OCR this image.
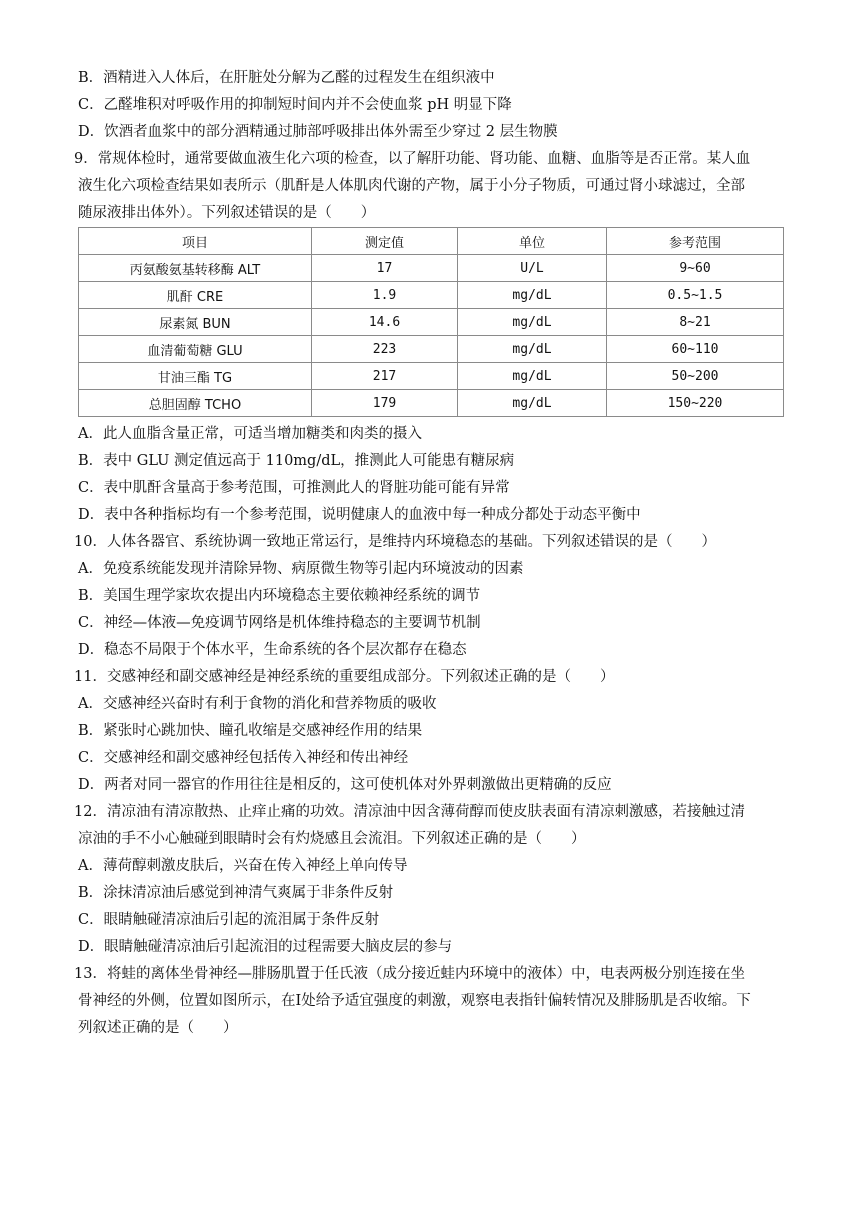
B．酒精进入人体后，在肝脏处分解为乙醛的过程发生在组织液中
C．乙醛堆积对呼吸作用的抑制短时间内并不会使血浆 pH 明显下降
D．饮酒者血浆中的部分酒精通过肺部呼吸排出体外需至少穿过 2 层生物膜
9．常规体检时，通常要做血液生化六项的检查，以了解肝功能、肾功能、血糖、血脂等是否正常。某人血
液生化六项检查结果如表所示（肌酐是人体肌肉代谢的产物，属于小分子物质，可通过肾小球滤过，全部
随尿液排出体外）。下列叙述错误的是（　　）
项目	测定值	单位	参考范围
丙氨酸氨基转移酶 ALT	17	U/L	9~60
肌酐 CRE	1.9	mg/dL	0.5~1.5
尿素氮 BUN	14.6	mg/dL	8~21
血清葡萄糖 GLU	223	mg/dL	60~110
甘油三酯 TG	217	mg/dL	50~200
总胆固醇 TCHO	179	mg/dL	150~220
A．此人血脂含量正常，可适当增加糖类和肉类的摄入
B．表中 GLU 测定值远高于 110mg/dL，推测此人可能患有糖尿病
C．表中肌酐含量高于参考范围，可推测此人的肾脏功能可能有异常
D．表中各种指标均有一个参考范围，说明健康人的血液中每一种成分都处于动态平衡中
10．人体各器官、系统协调一致地正常运行，是维持内环境稳态的基础。下列叙述错误的是（　　）
A．免疫系统能发现并清除异物、病原微生物等引起内环境波动的因素
B．美国生理学家坎农提出内环境稳态主要依赖神经系统的调节
C．神经—体液—免疫调节网络是机体维持稳态的主要调节机制
D．稳态不局限于个体水平，生命系统的各个层次都存在稳态
11．交感神经和副交感神经是神经系统的重要组成部分。下列叙述正确的是（　　）
A．交感神经兴奋时有利于食物的消化和营养物质的吸收
B．紧张时心跳加快、瞳孔收缩是交感神经作用的结果
C．交感神经和副交感神经包括传入神经和传出神经
D．两者对同一器官的作用往往是相反的，这可使机体对外界刺激做出更精确的反应
12．清凉油有清凉散热、止痒止痛的功效。清凉油中因含薄荷醇而使皮肤表面有清凉刺激感，若接触过清
凉油的手不小心触碰到眼睛时会有灼烧感且会流泪。下列叙述正确的是（　　）
A．薄荷醇刺激皮肤后，兴奋在传入神经上单向传导
B．涂抹清凉油后感觉到神清气爽属于非条件反射
C．眼睛触碰清凉油后引起的流泪属于条件反射
D．眼睛触碰清凉油后引起流泪的过程需要大脑皮层的参与
13．将蛙的离体坐骨神经—腓肠肌置于任氏液（成分接近蛙内环境中的液体）中，电表两极分别连接在坐
骨神经的外侧，位置如图所示，在Ⅰ处给予适宜强度的刺激，观察电表指针偏转情况及腓肠肌是否收缩。下
列叙述正确的是（　　）
